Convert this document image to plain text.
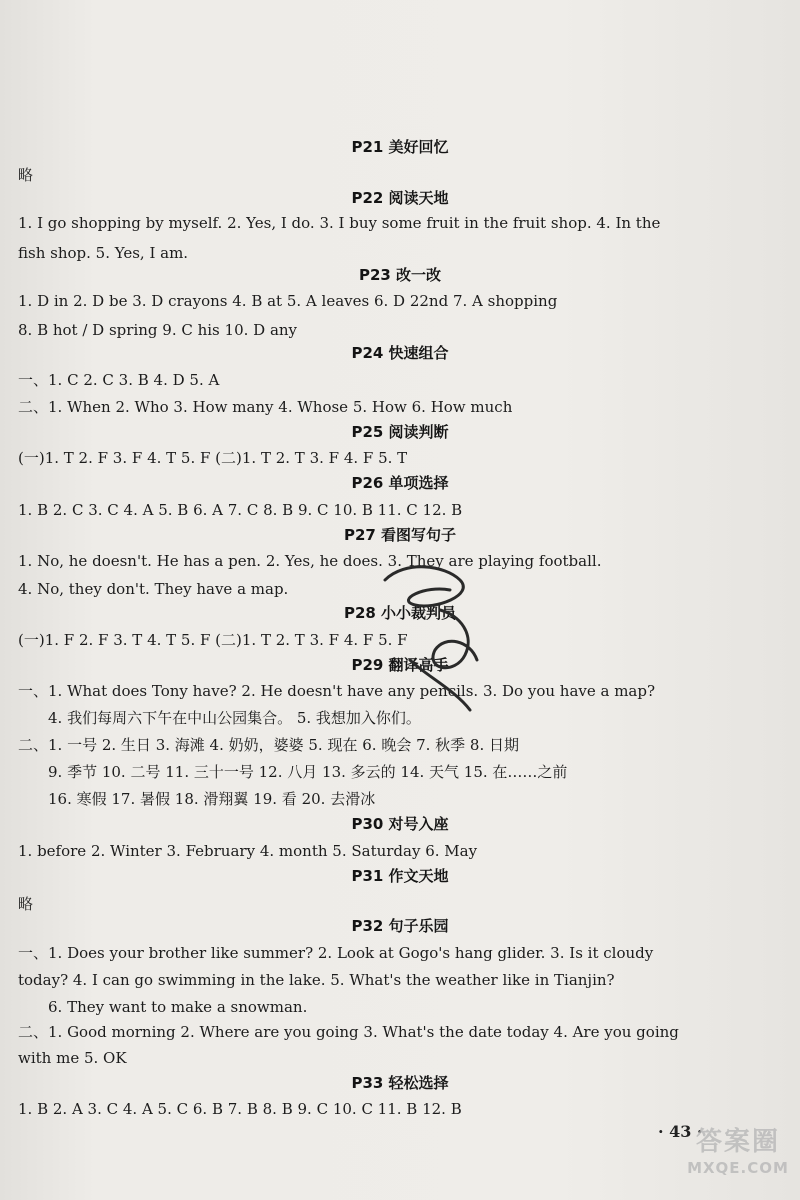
P21 美好回忆
略
P22 阅读天地
1. I go shopping by myself. 2. Yes, I do. 3. I buy some fruit in the fruit shop. 4. In the
fish shop. 5. Yes, I am.
P23 改一改
1. D in 2. D be 3. D crayons 4. B at 5. A leaves 6. D 22nd 7. A shopping
8. B hot / D spring 9. C his 10. D any
P24 快速组合
一、1. C 2. C 3. B 4. D 5. A
二、1. When 2. Who 3. How many 4. Whose 5. How 6. How much
P25 阅读判断
(一)1. T 2. F 3. F 4. T 5. F (二)1. T 2. T 3. F 4. F 5. T
P26 单项选择
1. B 2. C 3. C 4. A 5. B 6. A 7. C 8. B 9. C 10. B 11. C 12. B
P27 看图写句子
1. No, he doesn't. He has a pen. 2. Yes, he does. 3. They are playing football.
4. No, they don't. They have a map.
P28 小小裁判员
(一)1. F 2. F 3. T 4. T 5. F (二)1. T 2. T 3. F 4. F 5. F
P29 翻译高手
一、1. What does Tony have? 2. He doesn't have any pencils. 3. Do you have a map?
4. 我们每周六下午在中山公园集合。 5. 我想加入你们。
二、1. 一号 2. 生日 3. 海滩 4. 奶奶，婆婆 5. 现在 6. 晚会 7. 秋季 8. 日期
9. 季节 10. 二号 11. 三十一号 12. 八月 13. 多云的 14. 天气 15. 在……之前
16. 寒假 17. 暑假 18. 滑翔翼 19. 看 20. 去滑冰
P30 对号入座
1. before 2. Winter 3. February 4. month 5. Saturday 6. May
P31 作文天地
略
P32 句子乐园
一、1. Does your brother like summer? 2. Look at Gogo's hang glider. 3. Is it cloudy
today? 4. I can go swimming in the lake. 5. What's the weather like in Tianjin?
6. They want to make a snowman.
二、1. Good morning 2. Where are you going 3. What's the date today 4. Are you going
with me 5. OK
P33 轻松选择
1. B 2. A 3. C 4. A 5. C 6. B 7. B 8. B 9. C 10. C 11. B 12. B
· 43 ·
答案圈
MXQE.COM
